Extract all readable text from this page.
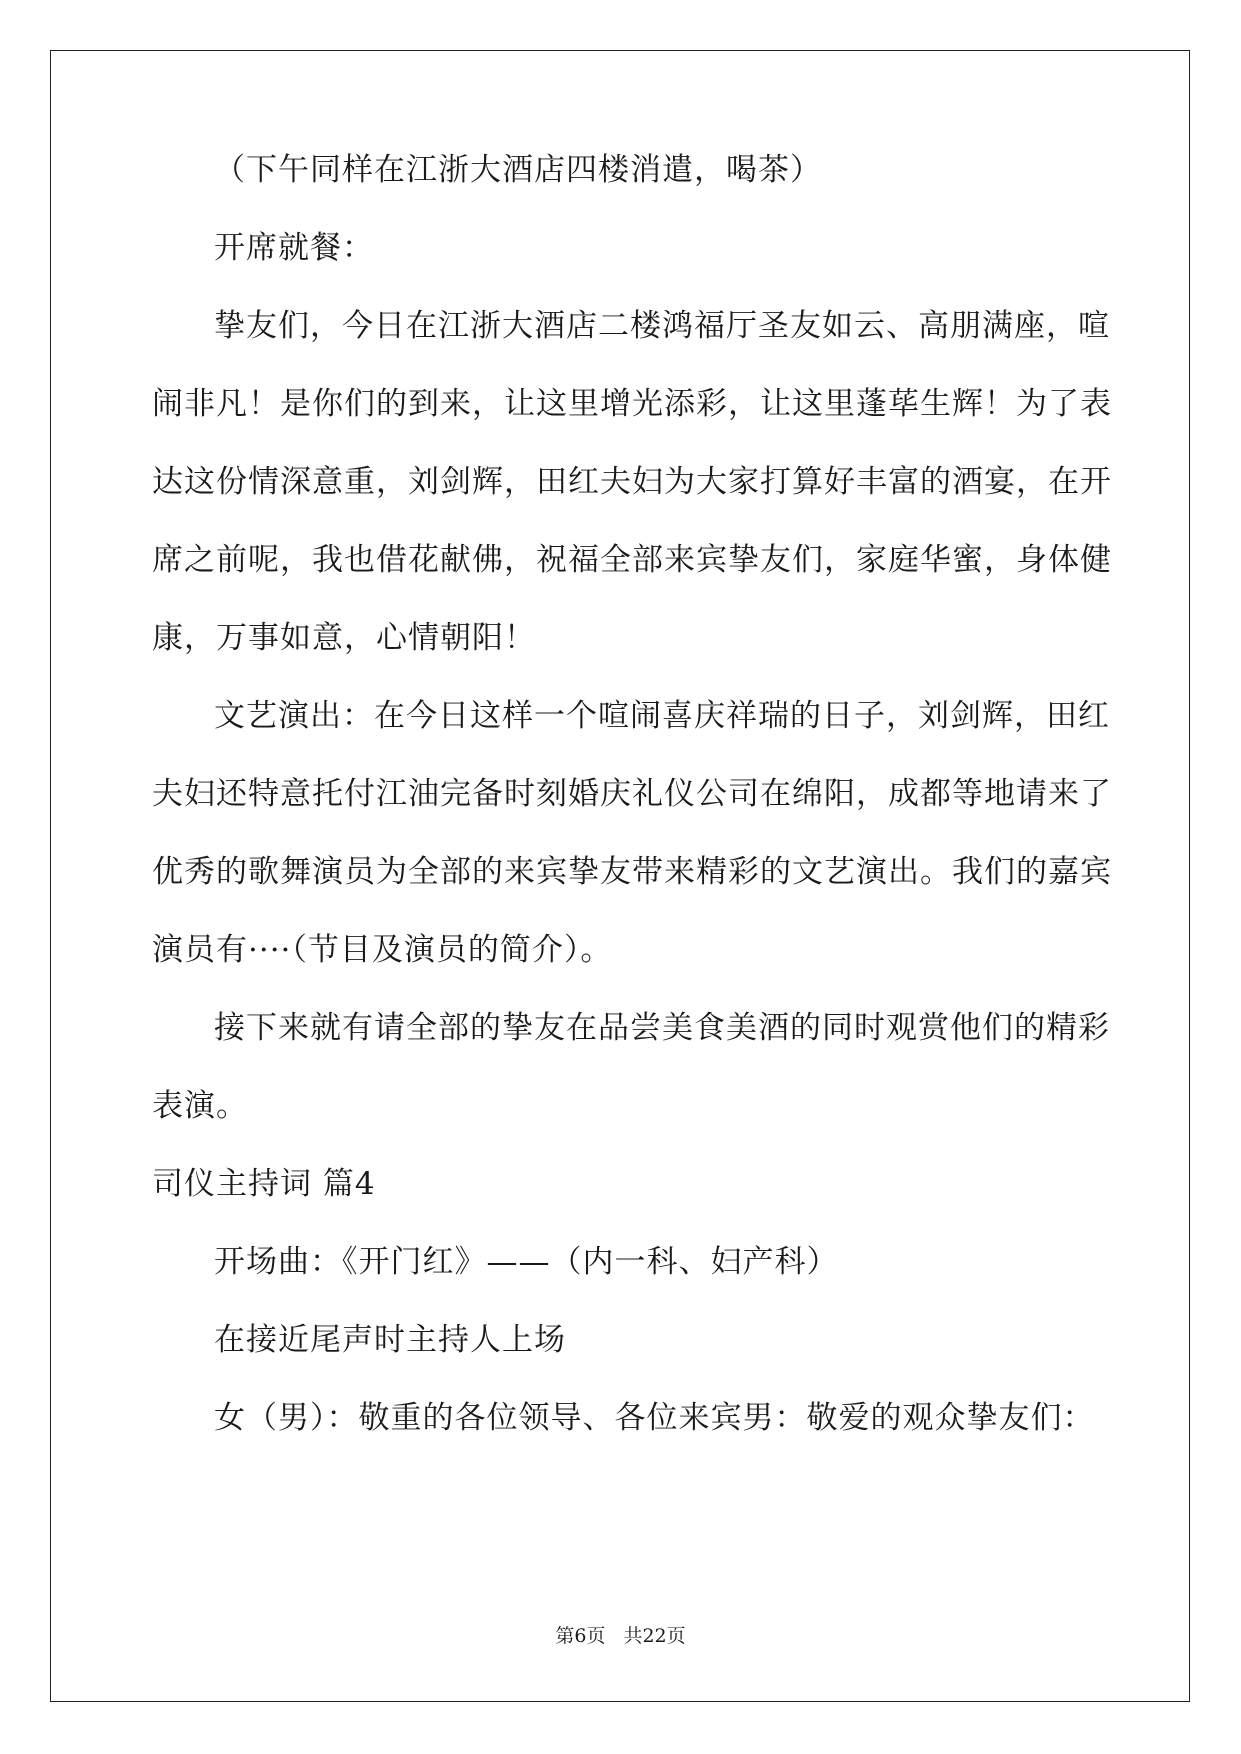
（下午同样在江浙大酒店四楼消遣，喝茶）
开席就餐：
挚友们，今日在江浙大酒店二楼鸿福厅圣友如云、高朋满座，喧
闹非凡！是你们的到来，让这里增光添彩，让这里蓬荜生辉！为了表
达这份情深意重，刘剑辉，田红夫妇为大家打算好丰富的酒宴，在开
席之前呢，我也借花献佛，祝福全部来宾挚友们，家庭华蜜，身体健
康，万事如意，心情朝阳！
文艺演出：在今日这样一个喧闹喜庆祥瑞的日子，刘剑辉，田红
夫妇还特意托付江油完备时刻婚庆礼仪公司在绵阳，成都等地请来了
优秀的歌舞演员为全部的来宾挚友带来精彩的文艺演出。我们的嘉宾
演员有····（节目及演员的简介）。
接下来就有请全部的挚友在品尝美食美酒的同时观赏他们的精彩
表演。
司仪主持词 篇4
开场曲：《开门红》——（内一科、妇产科）
在接近尾声时主持人上场
女（男）：敬重的各位领导、各位来宾男：敬爱的观众挚友们：
第6页 共22页
